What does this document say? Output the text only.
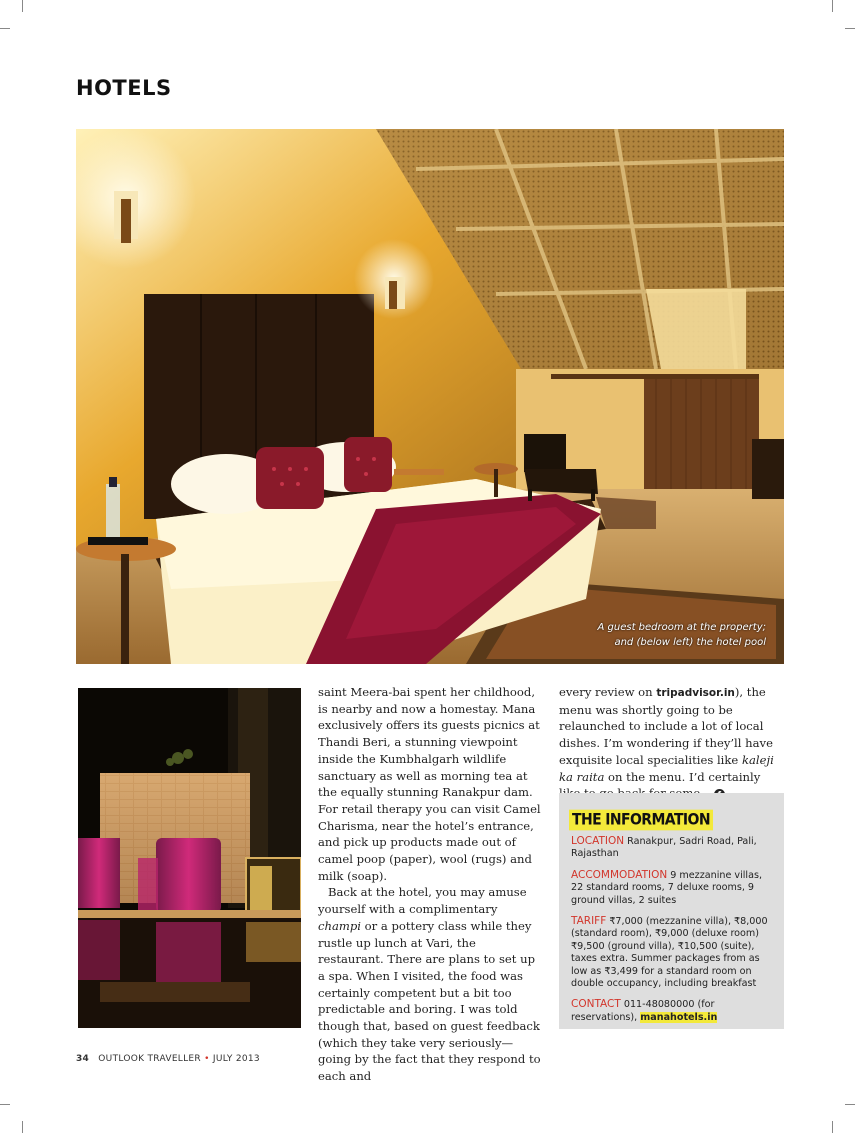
HOTELS
A guest bedroom at the property;
and (below left) the hotel pool

saint Meera-bai spent her childhood, is nearby and now a homestay. Mana exclusively offers its guests picnics at Thandi Beri, a stunning viewpoint inside the Kumbhalgarh wildlife sanctuary as well as morning tea at the equally stunning Ranakpur dam. For retail therapy you can visit Camel Charisma, near the hotel’s entrance, and pick up products made out of camel poop (paper), wool (rugs) and milk (soap).

Back at the hotel, you may amuse yourself with a complimentary champi or a pottery class while they rustle up lunch at Vari, the restaurant. There are plans to set up a spa. When I visited, the food was certainly competent but a bit too predictable and boring. I was told though that, based on guest feedback (which they take very seriously—going by the fact that they respond to each and

every review on tripadvisor.in), the menu was shortly going to be relaunched to include a lot of local dishes. I’m wondering if they’ll have exquisite local specialities like kaleji ka raita on the menu. I’d certainly

THE INFORMATION

LOCATION Ranakpur, Sadri Road, Pali, Rajasthan

ACCOMMODATION 9 mezzanine villas, 22 standard rooms, 7 deluxe rooms, 9 ground villas, 2 suites

TARIFF ₹7,000 (mezzanine villa), ₹8,000 (standard room), ₹9,000 (deluxe room) ₹9,500 (ground villa), ₹10,500 (suite), taxes extra. Summer packages from as low as ₹3,499 for a standard room on double occupancy, including breakfast

CONTACT 011-48080000 (for reservations), manahotels.in

34 OUTLOOK TRAVELLER • JULY 2013
